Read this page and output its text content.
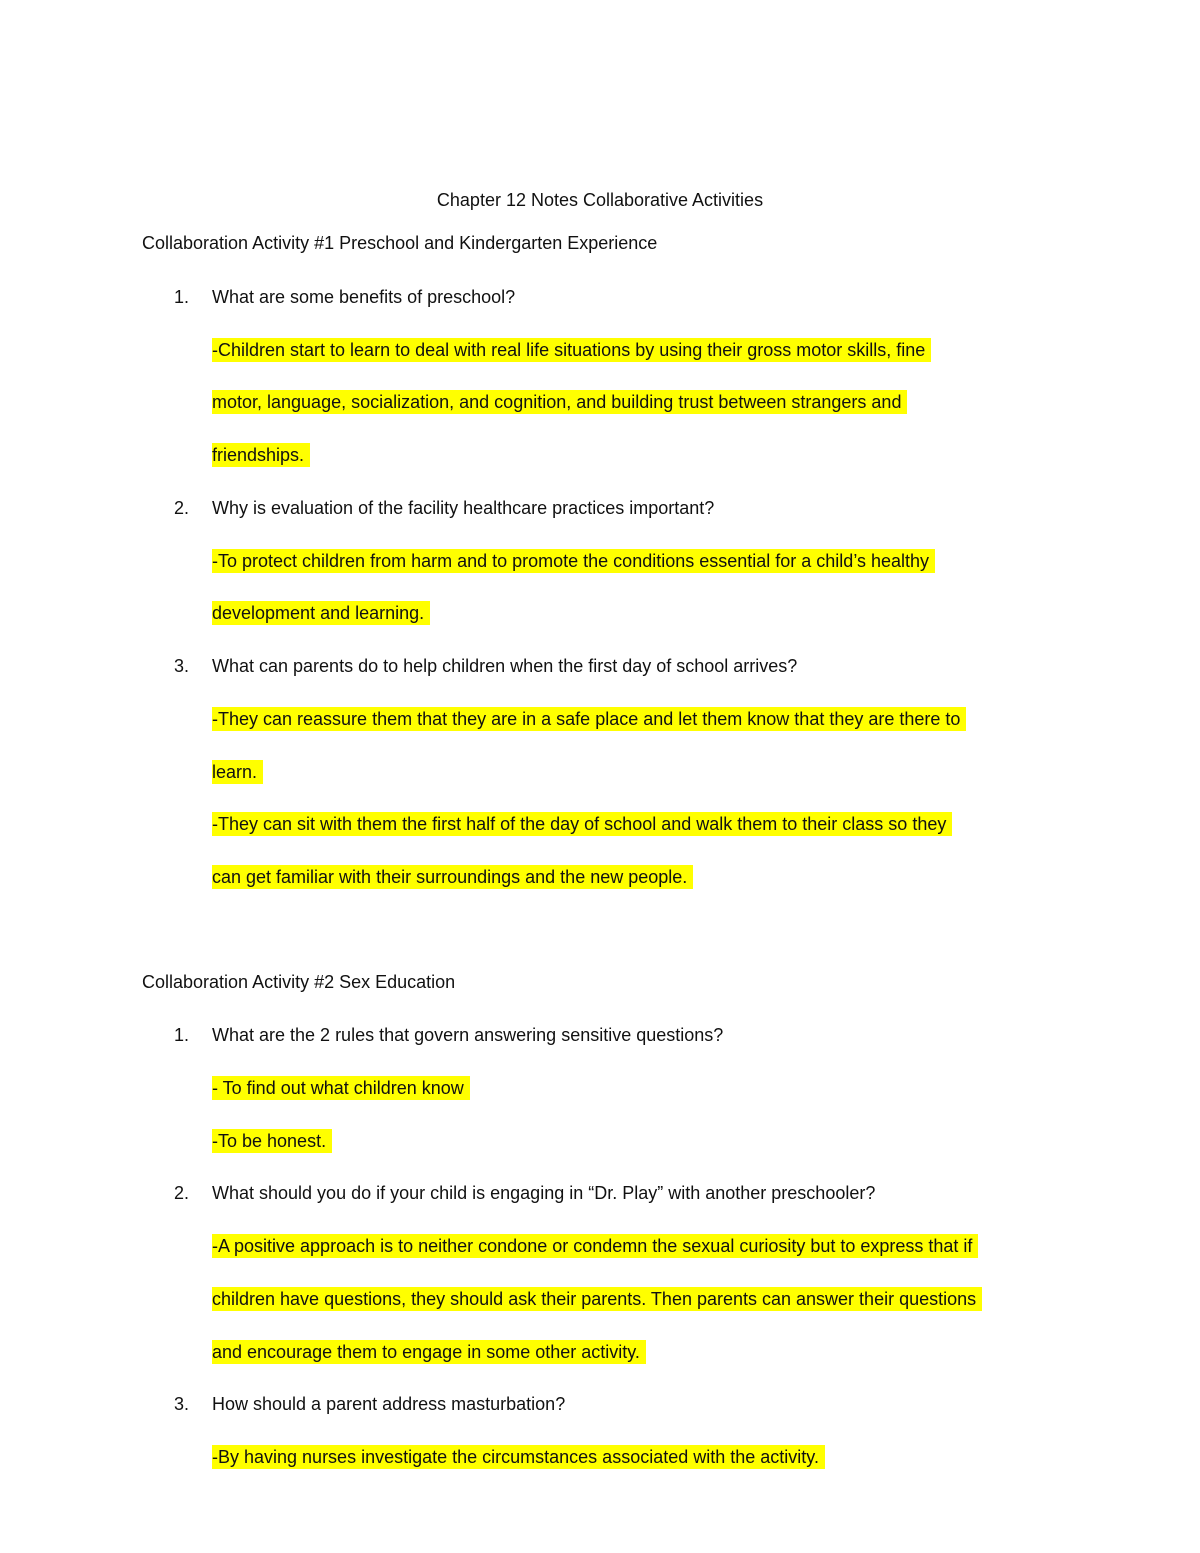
Chapter 12 Notes Collaborative Activities
Collaboration Activity #1 Preschool and Kindergarten Experience
1. What are some benefits of preschool?
-Children start to learn to deal with real life situations by using their gross motor skills, fine
motor, language, socialization, and cognition, and building trust between strangers and
friendships.
2. Why is evaluation of the facility healthcare practices important?
-To protect children from harm and to promote the conditions essential for a child’s healthy
development and learning.
3. What can parents do to help children when the first day of school arrives?
-They can reassure them that they are in a safe place and let them know that they are there to
learn.
-They can sit with them the first half of the day of school and walk them to their class so they
can get familiar with their surroundings and the new people.
Collaboration Activity #2 Sex Education
1. What are the 2 rules that govern answering sensitive questions?
- To find out what children know
-To be honest.
2. What should you do if your child is engaging in “Dr. Play” with another preschooler?
-A positive approach is to neither condone or condemn the sexual curiosity but to express that if
children have questions, they should ask their parents. Then parents can answer their questions
and encourage them to engage in some other activity.
3. How should a parent address masturbation?
-By having nurses investigate the circumstances associated with the activity.
